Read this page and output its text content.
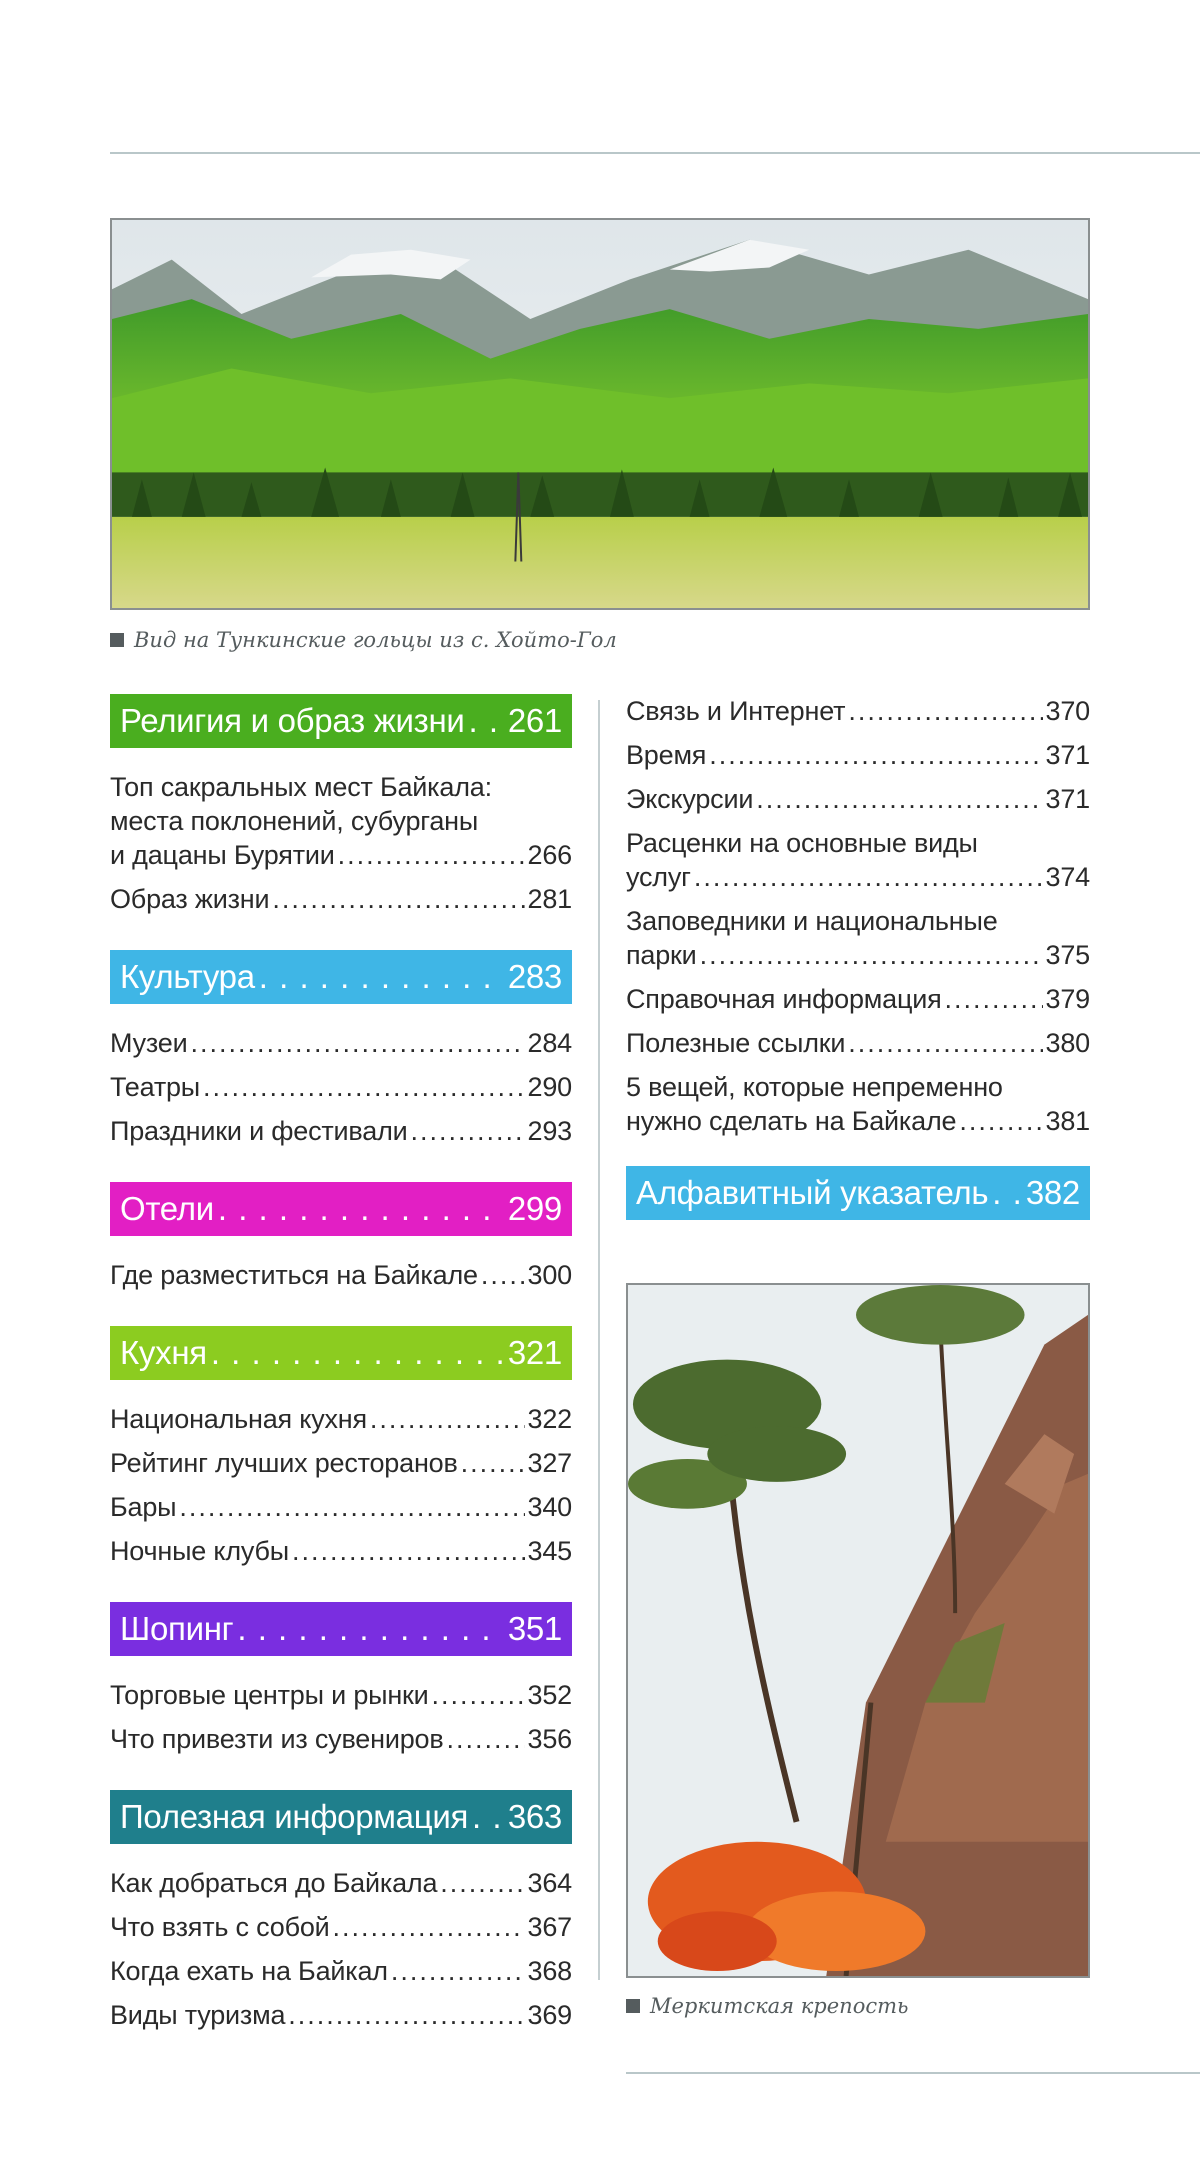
Вид на Тункинские гольцы из с. Хойто-Гол
Религия и образ жизни . . . 261
Топ сакральных мест Байкала:
места поклонений, субурганы
и дацаны Бурятии .....	266
Образ жизни .....	281
Культура . . .	283
Музеи .....	284
Театры .....	290
Праздники и фестивали .....	293
Отели . . .	299
Где разместиться на Байкале ..... 300
Кухня . . .	321
Национальная кухня .....	322
Рейтинг лучших ресторанов .....	327
Бары .....	340
Ночные клубы .....	345
Шопинг . . .	351
Торговые центры и рынки .....	352
Что привезти из сувениров .....	356
Полезная информация . . . 363
Как добраться до Байкала .....	364
Что взять с собой .....	367
Когда ехать на Байкал .....	368
Виды туризма .....	369
Связь и Интернет .....	370
Время .....	371
Экскурсии .....	371
Расценки на основные виды
услуг .....	374
Заповедники и национальные
парки .....	375
Справочная информация .....	379
Полезные ссылки .....	380
5 вещей, которые непременно
нужно сделать на Байкале .....	381
Алфавитный указатель . . . 382
Меркитская крепость
